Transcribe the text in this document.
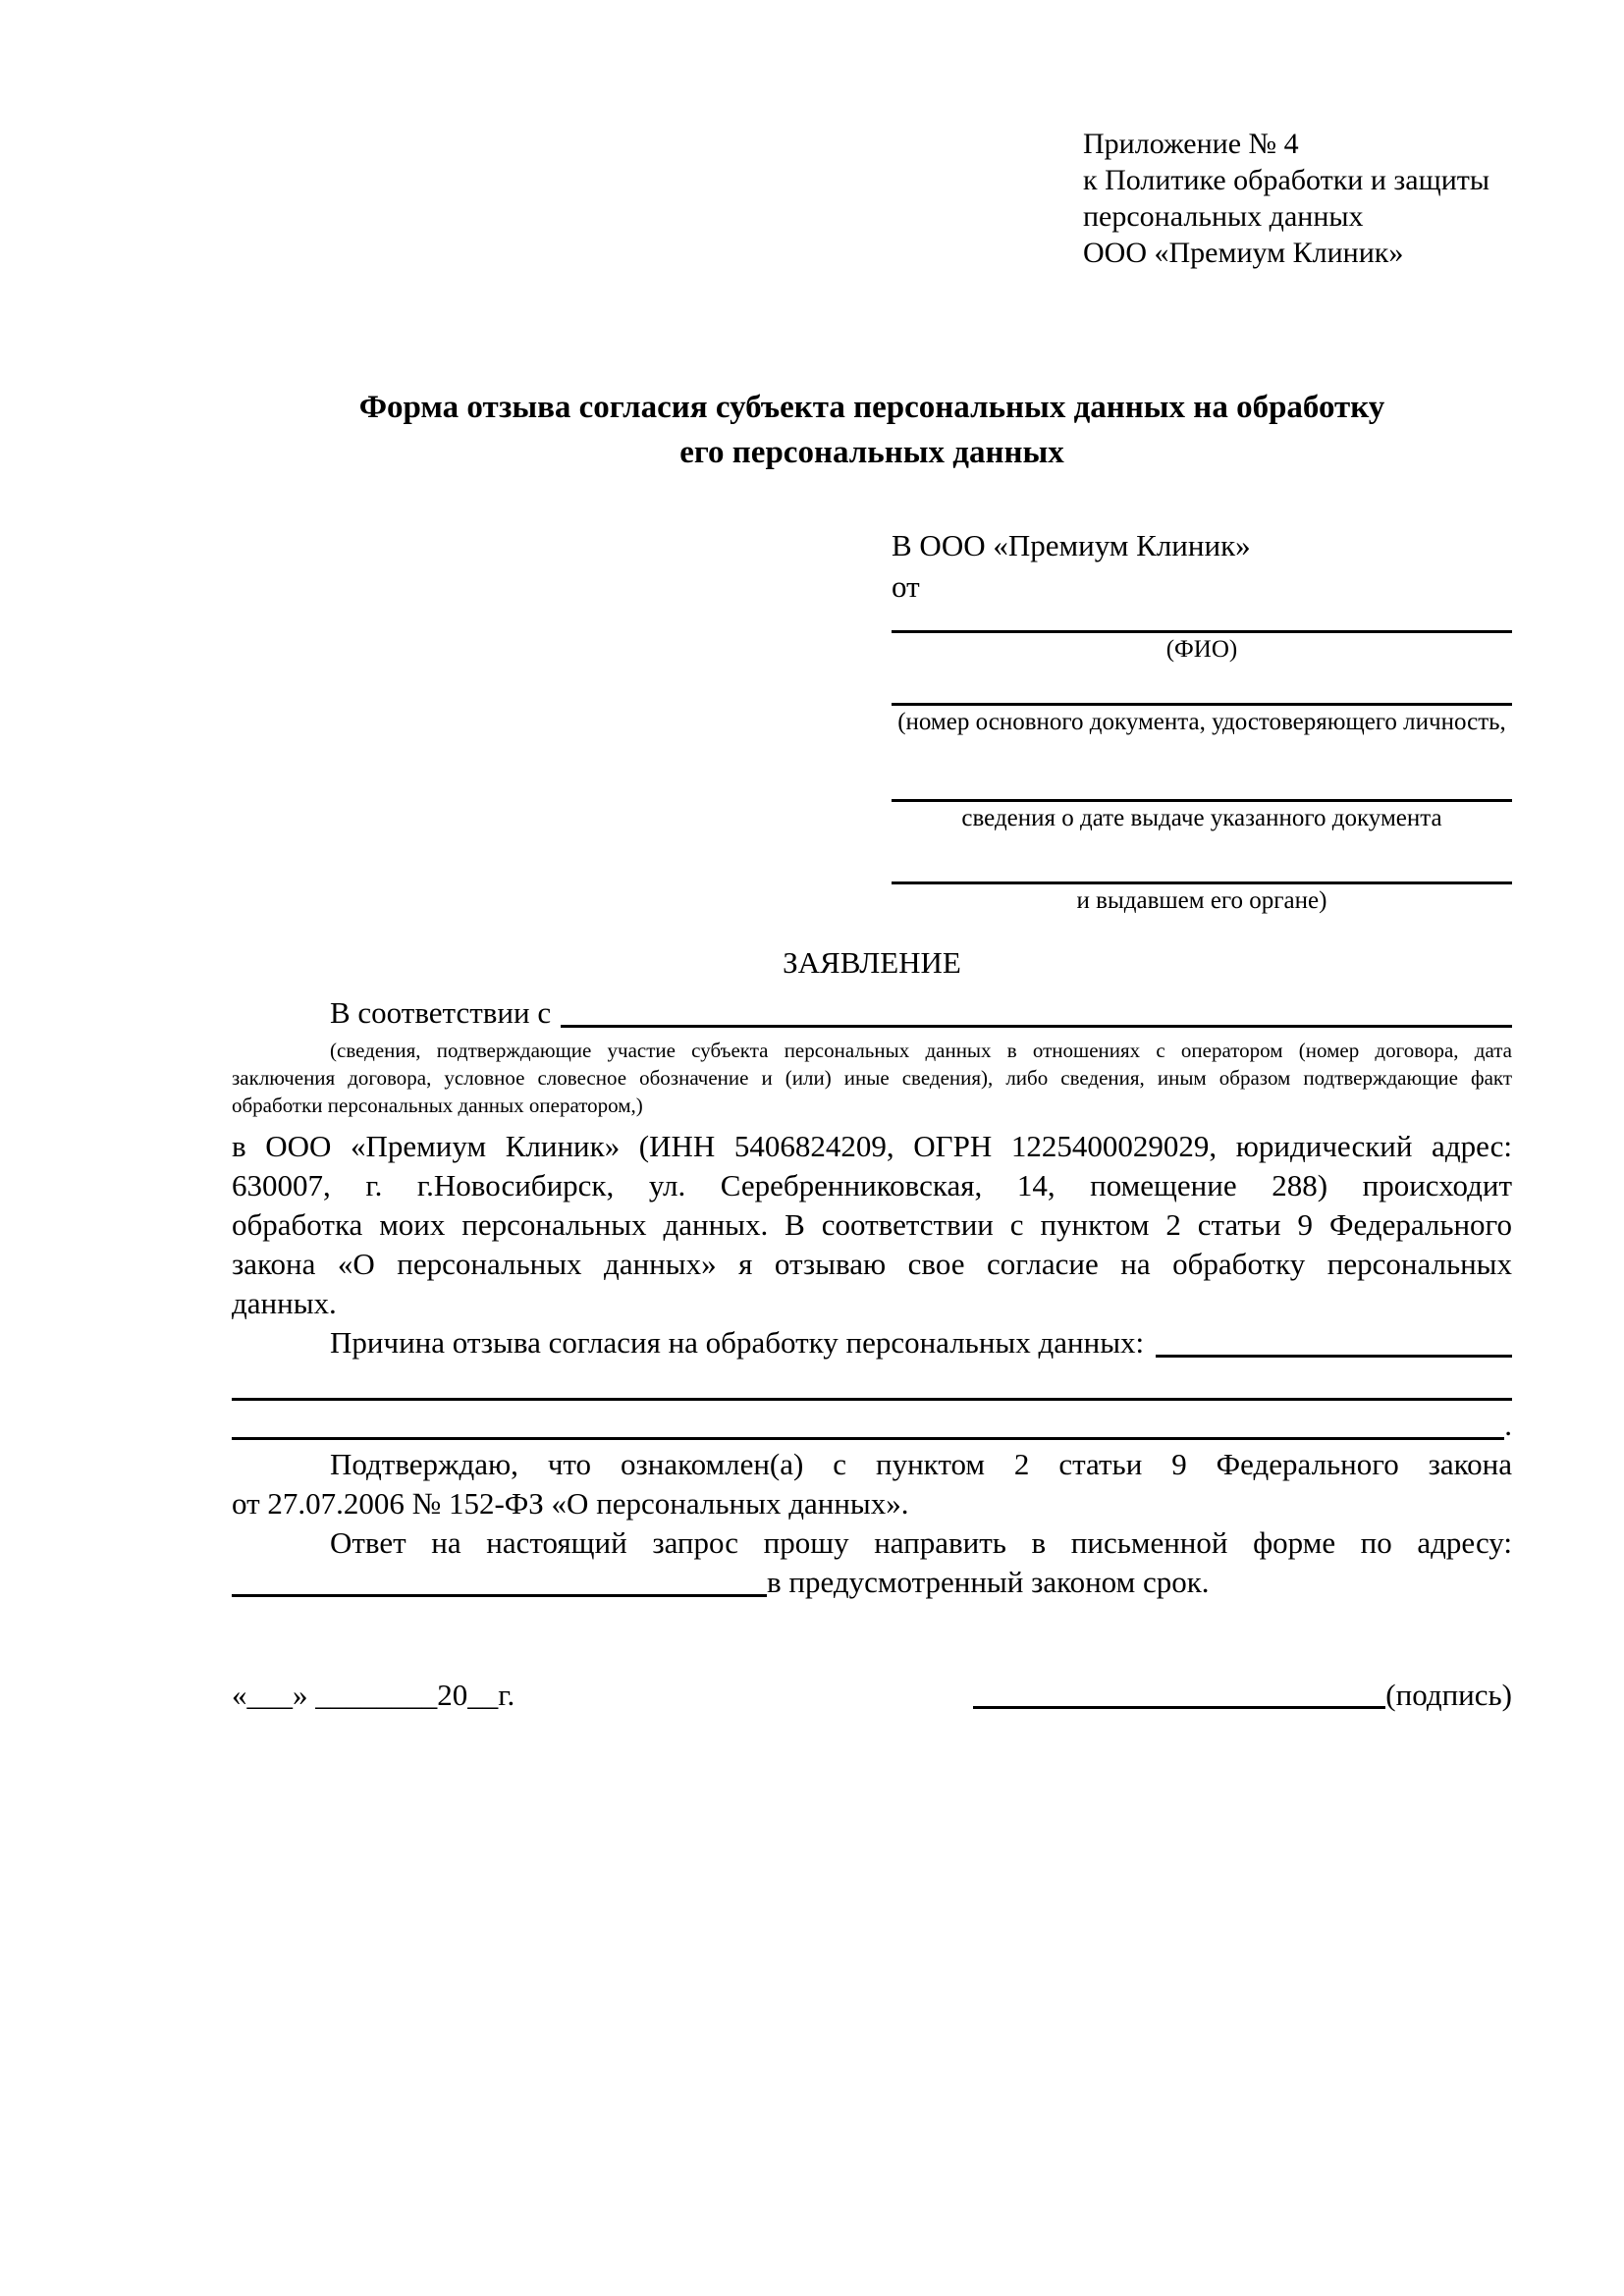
Приложение № 4
к Политике обработки и защиты
персональных данных
ООО «Премиум Клиник»
Форма отзыва согласия субъекта персональных данных на обработку
его персональных данных
В ООО «Премиум Клиник»
от
(ФИО)
(номер основного документа, удостоверяющего личность,
сведения о дате выдаче указанного документа
и выдавшем его органе)
ЗАЯВЛЕНИЕ
В соответствии с
(сведения, подтверждающие участие субъекта персональных данных в отношениях с оператором (номер договора, дата
заключения договора, условное словесное обозначение и (или) иные сведения), либо сведения, иным образом подтверждающие факт
обработки персональных данных оператором,)
в ООО «Премиум Клиник» (ИНН 5406824209, ОГРН 1225400029029, юридический адрес:
630007, г. г.Новосибирск, ул. Серебренниковская, 14, помещение 288) происходит
обработка моих персональных данных. В соответствии с пунктом 2 статьи 9 Федерального
закона «О персональных данных» я отзываю свое согласие на обработку персональных
данных.
Причина отзыва согласия на обработку персональных данных:
.
Подтверждаю, что ознакомлен(а) с пунктом 2 статьи 9 Федерального закона
от 27.07.2006 № 152-ФЗ «О персональных данных».
Ответ на настоящий запрос прошу направить в письменной форме по адресу:
в предусмотренный законом срок.
«___» ________20__г.	(подпись)
